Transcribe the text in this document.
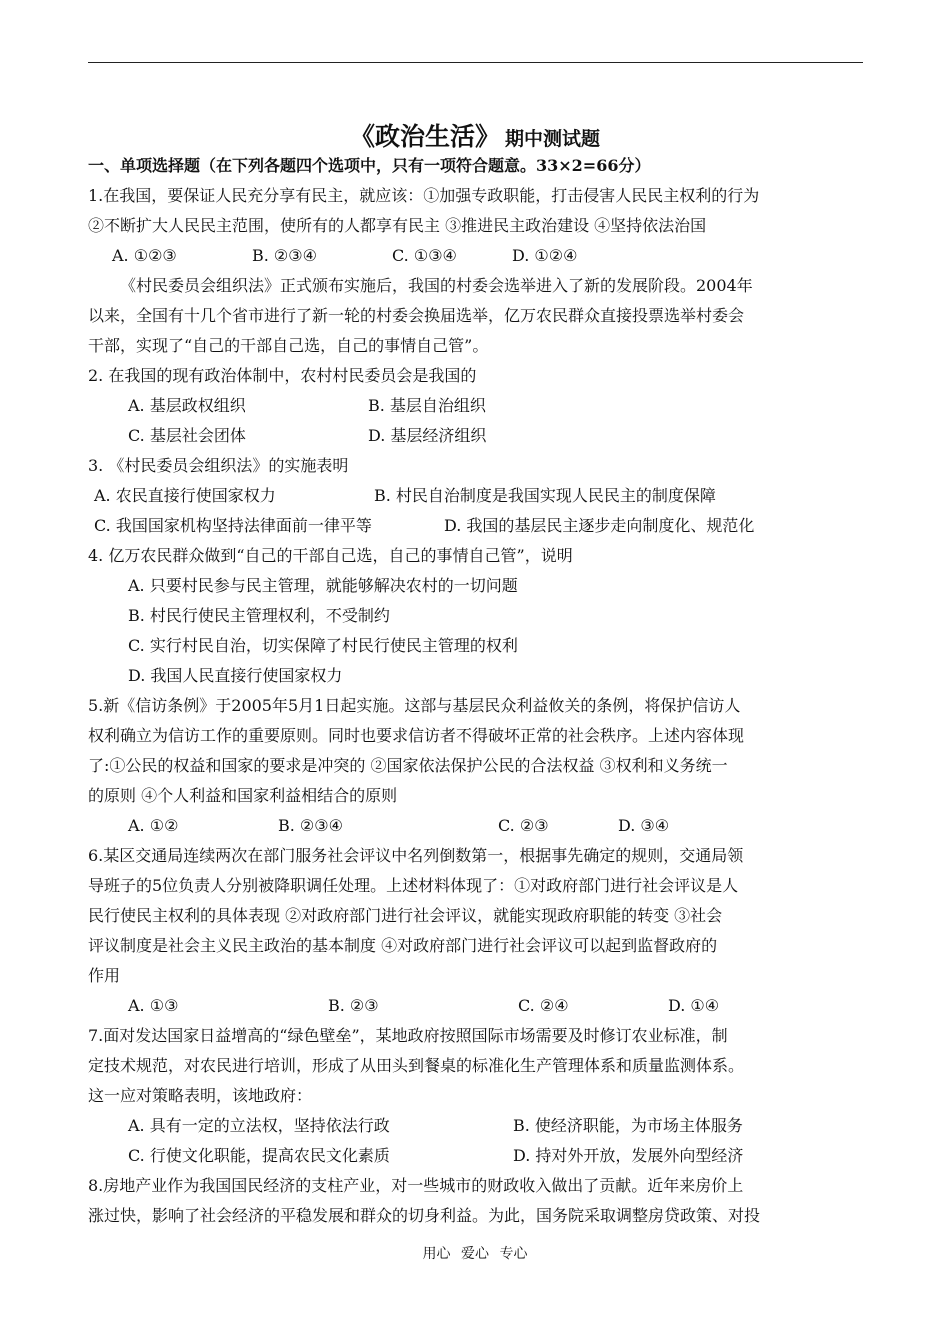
《政治生活》 期中测试题
一、单项选择题（在下列各题四个选项中，只有一项符合题意。33×2=66分）
1.在我国，要保证人民充分享有民主，就应该：①加强专政职能，打击侵害人民民主权利的行为
②不断扩大人民民主范围，使所有的人都享有民主 ③推进民主政治建设 ④坚持依法治国
A. ①②③	B. ②③④	C. ①③④	D. ①②④
《村民委员会组织法》正式颁布实施后，我国的村委会选举进入了新的发展阶段。2004年
以来，全国有十几个省市进行了新一轮的村委会换届选举，亿万农民群众直接投票选举村委会
干部，实现了“自己的干部自己选，自己的事情自己管”。
2. 在我国的现有政治体制中，农村村民委员会是我国的
A. 基层政权组织	B. 基层自治组织
C. 基层社会团体	D. 基层经济组织
3. 《村民委员会组织法》的实施表明
A. 农民直接行使国家权力	B. 村民自治制度是我国实现人民民主的制度保障
C. 我国国家机构坚持法律面前一律平等	D. 我国的基层民主逐步走向制度化、规范化
4. 亿万农民群众做到“自己的干部自己选，自己的事情自己管”，说明
A. 只要村民参与民主管理，就能够解决农村的一切问题
B. 村民行使民主管理权利，不受制约
C. 实行村民自治，切实保障了村民行使民主管理的权利
D. 我国人民直接行使国家权力
5.新《信访条例》于2005年5月1日起实施。这部与基层民众利益攸关的条例，将保护信访人
权利确立为信访工作的重要原则。同时也要求信访者不得破坏正常的社会秩序。上述内容体现
了:①公民的权益和国家的要求是冲突的 ②国家依法保护公民的合法权益 ③权利和义务统一
的原则 ④个人利益和国家利益相结合的原则
A. ①②	B. ②③④	C. ②③	D. ③④
6.某区交通局连续两次在部门服务社会评议中名列倒数第一，根据事先确定的规则，交通局领
导班子的5位负责人分别被降职调任处理。上述材料体现了：①对政府部门进行社会评议是人
民行使民主权利的具体表现 ②对政府部门进行社会评议，就能实现政府职能的转变 ③社会
评议制度是社会主义民主政治的基本制度 ④对政府部门进行社会评议可以起到监督政府的
作用
A. ①③	B. ②③	C. ②④	D. ①④
7.面对发达国家日益增高的“绿色壁垒”，某地政府按照国际市场需要及时修订农业标准，制
定技术规范，对农民进行培训，形成了从田头到餐桌的标准化生产管理体系和质量监测体系。
这一应对策略表明，该地政府：
A. 具有一定的立法权，坚持依法行政	B. 使经济职能，为市场主体服务
C. 行使文化职能，提高农民文化素质	D. 持对外开放，发展外向型经济
8.房地产业作为我国国民经济的支柱产业，对一些城市的财政收入做出了贡献。近年来房价上
涨过快，影响了社会经济的平稳发展和群众的切身利益。为此，国务院采取调整房贷政策、对投
用心 爱心 专心
